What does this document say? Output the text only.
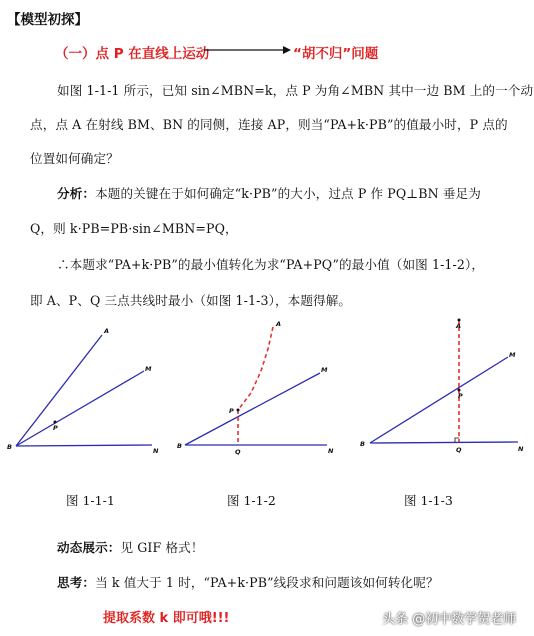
【模型初探】
（一）点 P 在直线上运动	“胡不归”问题
如图 1-1-1 所示，已知 sin∠MBN=k，点 P 为角∠MBN 其中一边 BM 上的一个动
点，点 A 在射线 BM、BN 的同侧，连接 AP，则当“PA+k·PB”的值最小时，P 点的
位置如何确定？
分析：本题的关键在于如何确定“k·PB”的大小，过点 P 作 PQ⊥BN 垂足为
Q，则 k·PB=PB·sin∠MBN=PQ，
∴本题求“PA+k·PB”的最小值转化为求“PA+PQ”的最小值（如图 1-1-2），
即 A、P、Q 三点共线时最小（如图 1-1-3），本题得解。
A
M
P
B	N
A
M
P
B
N
Q
A
M
P
B
N
Q
图 1-1-1	图 1-1-2	图 1-1-3
动态展示：见 GIF 格式！
思考：当 k 值大于 1 时，“PA+k·PB”线段求和问题该如何转化呢？
提取系数 k 即可哦!!!	头条 @初中数学贺老师
